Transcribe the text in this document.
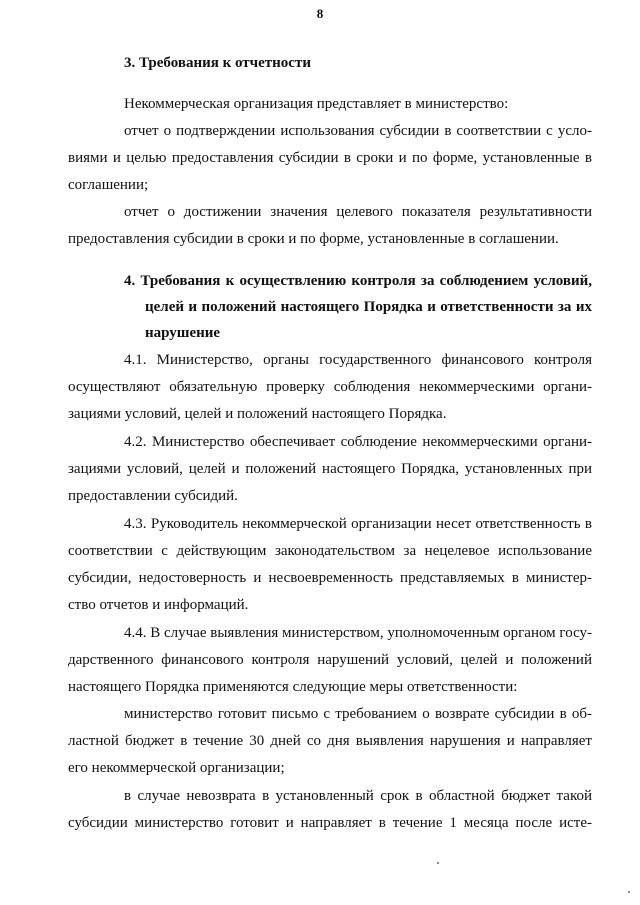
8
3. Требования к отчетности
Некоммерческая организация представляет в министерство:
отчет о подтверждении использования субсидии в соответствии с усло-
виями и целью предоставления субсидии в сроки и по форме, установленные в
соглашении;
отчет о достижении значения целевого показателя результативности
предоставления субсидии в сроки и по форме, установленные в соглашении.
4. Требования к осуществлению контроля за соблюдением условий,
целей и положений настоящего Порядка и ответственности за их
нарушение
4.1. Министерство, органы государственного финансового контроля
осуществляют обязательную проверку соблюдения некоммерческими органи-
зациями условий, целей и положений настоящего Порядка.
4.2. Министерство обеспечивает соблюдение некоммерческими органи-
зациями условий, целей и положений настоящего Порядка, установленных при
предоставлении субсидий.
4.3. Руководитель некоммерческой организации несет ответственность в
соответствии с действующим законодательством за нецелевое использование
субсидии, недостоверность и несвоевременность представляемых в министер-
ство отчетов и информаций.
4.4. В случае выявления министерством, уполномоченным органом госу-
дарственного финансового контроля нарушений условий, целей и положений
настоящего Порядка применяются следующие меры ответственности:
министерство готовит письмо с требованием о возврате субсидии в об-
ластной бюджет в течение 30 дней со дня выявления нарушения и направляет
его некоммерческой организации;
в случае невозврата в установленный срок в областной бюджет такой
субсидии министерство готовит и направляет в течение 1 месяца после исте-
